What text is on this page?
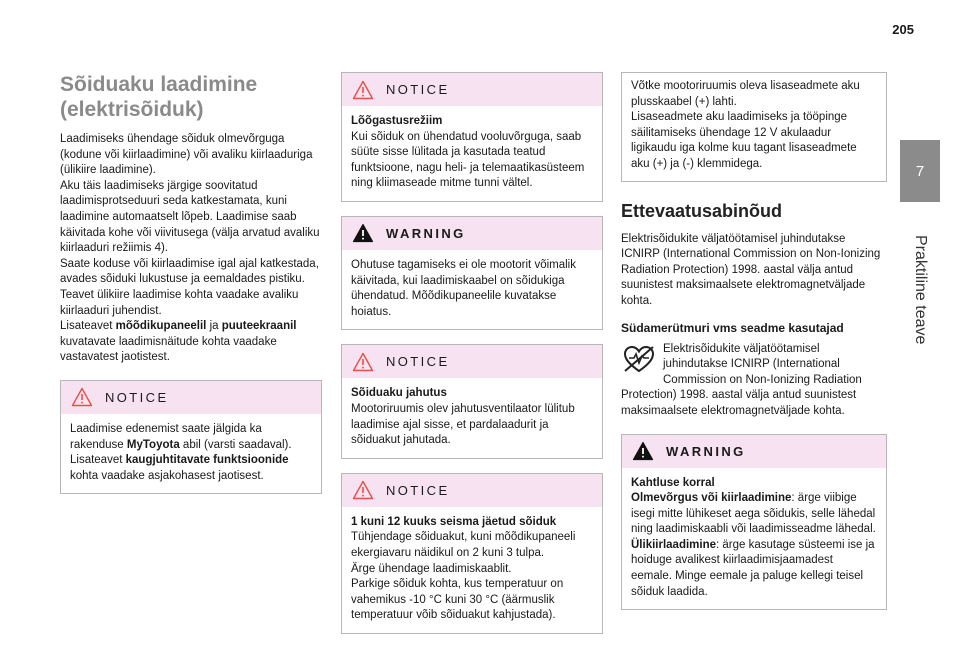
205
7
Praktiline teave
Sõiduaku laadimine (elektrisõiduk)

Laadimiseks ühendage sõiduk olmevõrguga (kodune või kiirlaadimine) või avaliku kiirlaaduriga (ülikiire laadimine).

Aku täis laadimiseks järgige soovitatud laadimisprotseduuri seda katkestamata, kuni laadimine automaatselt lõpeb. Laadimise saab käivitada kohe või viivitusega (välja arvatud avaliku kiirlaaduri režiimis 4).

Saate koduse või kiirlaadimise igal ajal katkestada, avades sõiduki lukustuse ja eemaldades pistiku. Teavet ülikiire laadimise kohta vaadake avaliku kiirlaaduri juhendist.

Lisateavet mõõdikupaneelil ja puuteekraanil kuvatavate laadimisnäitude kohta vaadake vastavatest jaotistest.

NOTICE

Laadimise edenemist saate jälgida ka rakenduse MyToyota abil (varsti saadaval).

Lisateavet kaugjuhtitavate funktsioonide kohta vaadake asjakohasest jaotisest.

NOTICE

Lõõgastusrežiim

Kui sõiduk on ühendatud vooluvõrguga, saab süüte sisse lülitada ja kasutada teatud funktsioone, nagu heli- ja telemaatikasüsteem ning kliimaseade mitme tunni vältel.

WARNING

Ohutuse tagamiseks ei ole mootorit võimalik käivitada, kui laadimiskaabel on sõidukiga ühendatud. Mõõdikupaneelile kuvatakse hoiatus.

NOTICE

Sõiduaku jahutus

Mootoriruumis olev jahutusventilaator lülitub laadimise ajal sisse, et pardalaadurit ja sõiduakut jahutada.

NOTICE

1 kuni 12 kuuks seisma jäetud sõiduk

Tühjendage sõiduakut, kuni mõõdikupaneeli ekergiavaru näidikul on 2 kuni 3 tulpa.

Ärge ühendage laadimiskaablit.

Parkige sõiduk kohta, kus temperatuur on vahemikus -10 °C kuni 30 °C (äärmuslik temperatuur võib sõiduakut kahjustada).

Võtke mootoriruumis oleva lisaseadmete aku plusskaabel (+) lahti.

Lisaseadmete aku laadimiseks ja tööpinge säilitamiseks ühendage 12 V akulaadur ligikaudu iga kolme kuu tagant lisaseadmete aku (+) ja (-) klemmidega.

Ettevaatusabinõud

Elektrisõidukite väljatöötamisel juhindutakse ICNIRP (International Commission on Non-Ionizing Radiation Protection) 1998. aastal välja antud suunistest maksimaalsete elektromagnetväljade kohta.

Südamerütmuri vms seadme kasutajad

Elektrisõidukite väljatöötamisel juhindutakse ICNIRP (International Commission on Non-Ionizing Radiation Protection) 1998. aastal välja antud suunistest maksimaalsete elektromagnetväljade kohta.

WARNING

Kahtluse korral

Olmevõrgus või kiirlaadimine: ärge viibige isegi mitte lühikeset aega sõidukis, selle lähedal ning laadimiskaabli või laadimisseadme lähedal.

Ülikiirlaadimine: ärge kasutage süsteemi ise ja hoiduge avalikest kiirlaadimisjaamadest eemale. Minge eemale ja paluge kellegi teisel sõiduk laadida.
